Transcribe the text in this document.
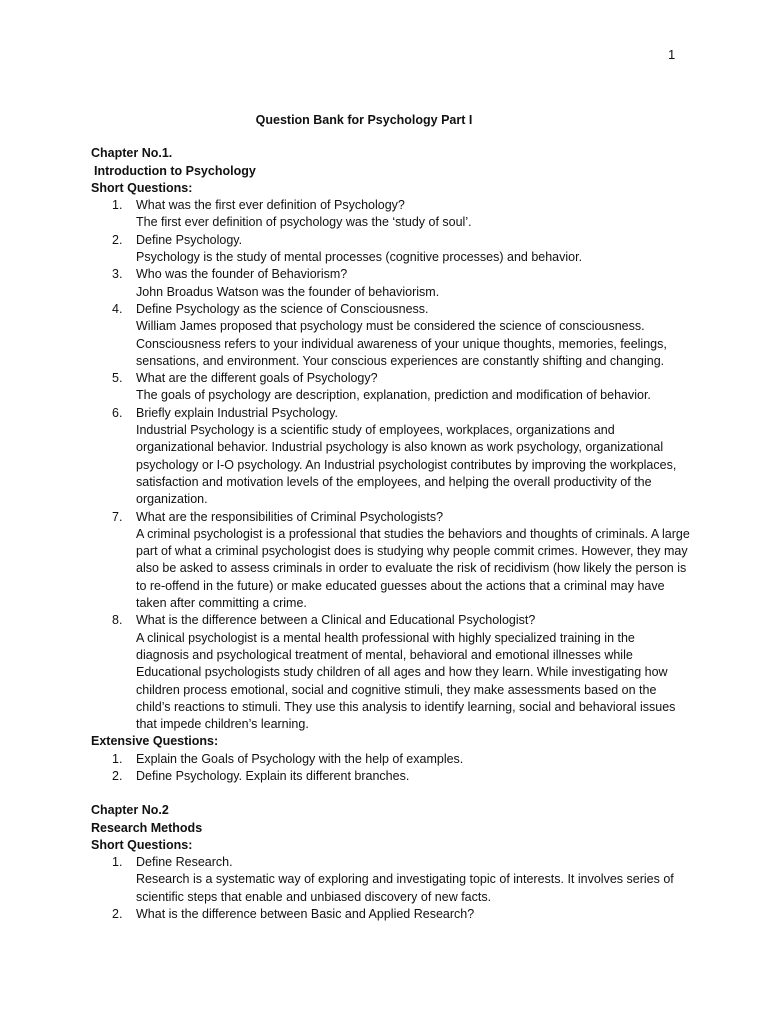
1
Question Bank for Psychology Part I
Chapter No.1.
Introduction to Psychology
Short Questions:
1.	What was the first ever definition of Psychology?
The first ever definition of psychology was the ‘study of soul’.
2.	Define Psychology.
Psychology is the study of mental processes (cognitive processes) and behavior.
3.	Who was the founder of Behaviorism?
John Broadus Watson was the founder of behaviorism.
4.	Define Psychology as the science of Consciousness.
William James proposed that psychology must be considered the science of consciousness. Consciousness refers to your individual awareness of your unique thoughts, memories, feelings, sensations, and environment. Your conscious experiences are constantly shifting and changing.
5.	What are the different goals of Psychology?
The goals of psychology are description, explanation, prediction and modification of behavior.
6.	Briefly explain Industrial Psychology.
Industrial Psychology is a scientific study of employees, workplaces, organizations and organizational behavior. Industrial psychology is also known as work psychology, organizational psychology or I-O psychology. An Industrial psychologist contributes by improving the workplaces, satisfaction and motivation levels of the employees, and helping the overall productivity of the organization.
7.	What are the responsibilities of Criminal Psychologists?
A criminal psychologist is a professional that studies the behaviors and thoughts of criminals. A large part of what a criminal psychologist does is studying why people commit crimes. However, they may also be asked to assess criminals in order to evaluate the risk of recidivism (how likely the person is to re-offend in the future) or make educated guesses about the actions that a criminal may have taken after committing a crime.
8.	What is the difference between a Clinical and Educational Psychologist?
A clinical psychologist is a mental health professional with highly specialized training in the diagnosis and psychological treatment of mental, behavioral and emotional illnesses while Educational psychologists study children of all ages and how they learn. While investigating how children process emotional, social and cognitive stimuli, they make assessments based on the child’s reactions to stimuli. They use this analysis to identify learning, social and behavioral issues that impede children’s learning.
Extensive Questions:
1.	Explain the Goals of Psychology with the help of examples.
2.	Define Psychology. Explain its different branches.
Chapter No.2
Research Methods
Short Questions:
1.	Define Research.
Research is a systematic way of exploring and investigating topic of interests. It involves series of scientific steps that enable and unbiased discovery of new facts.
2.	What is the difference between Basic and Applied Research?
